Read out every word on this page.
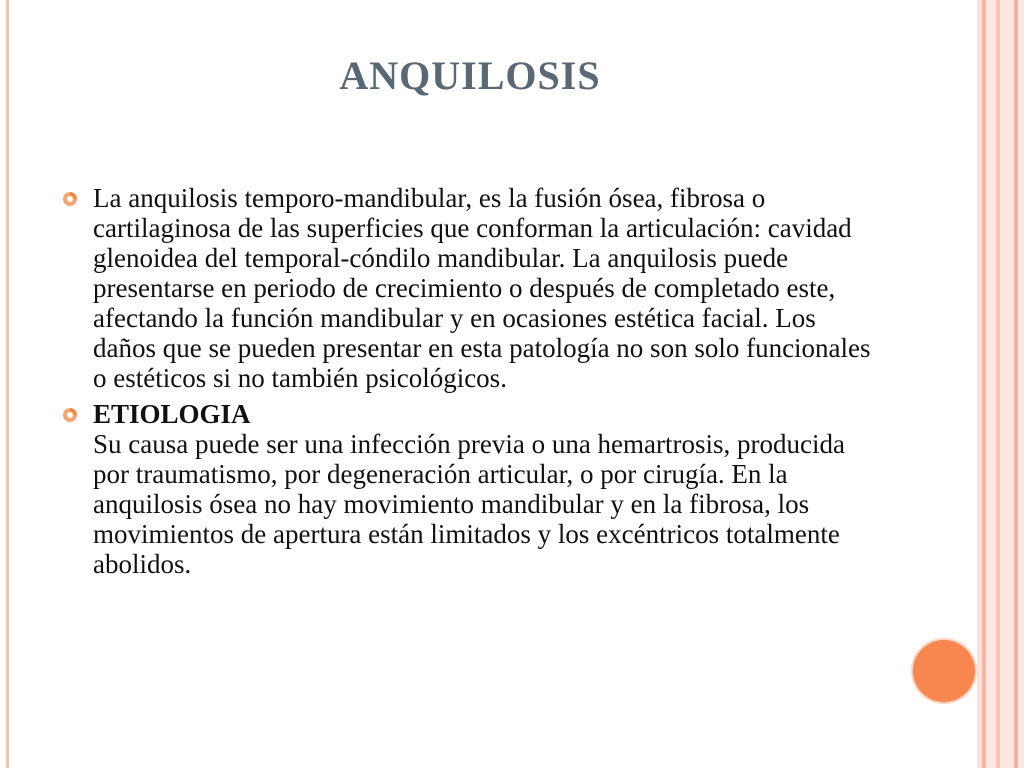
ANQUILOSIS
La anquilosis temporo-mandibular, es la fusión ósea, fibrosa o cartilaginosa de las superficies que conforman la articulación: cavidad glenoidea del temporal-cóndilo mandibular. La anquilosis puede presentarse en periodo de crecimiento o después de completado este, afectando la función mandibular y en ocasiones estética facial. Los daños que se pueden presentar en esta patología no son solo funcionales o estéticos si no también psicológicos.
ETIOLOGIA
Su causa puede ser una infección previa o una hemartrosis, producida por traumatismo, por degeneración articular, o por cirugía. En la anquilosis ósea no hay movimiento mandibular y en la fibrosa, los movimientos de apertura están limitados y los excéntricos totalmente abolidos.
